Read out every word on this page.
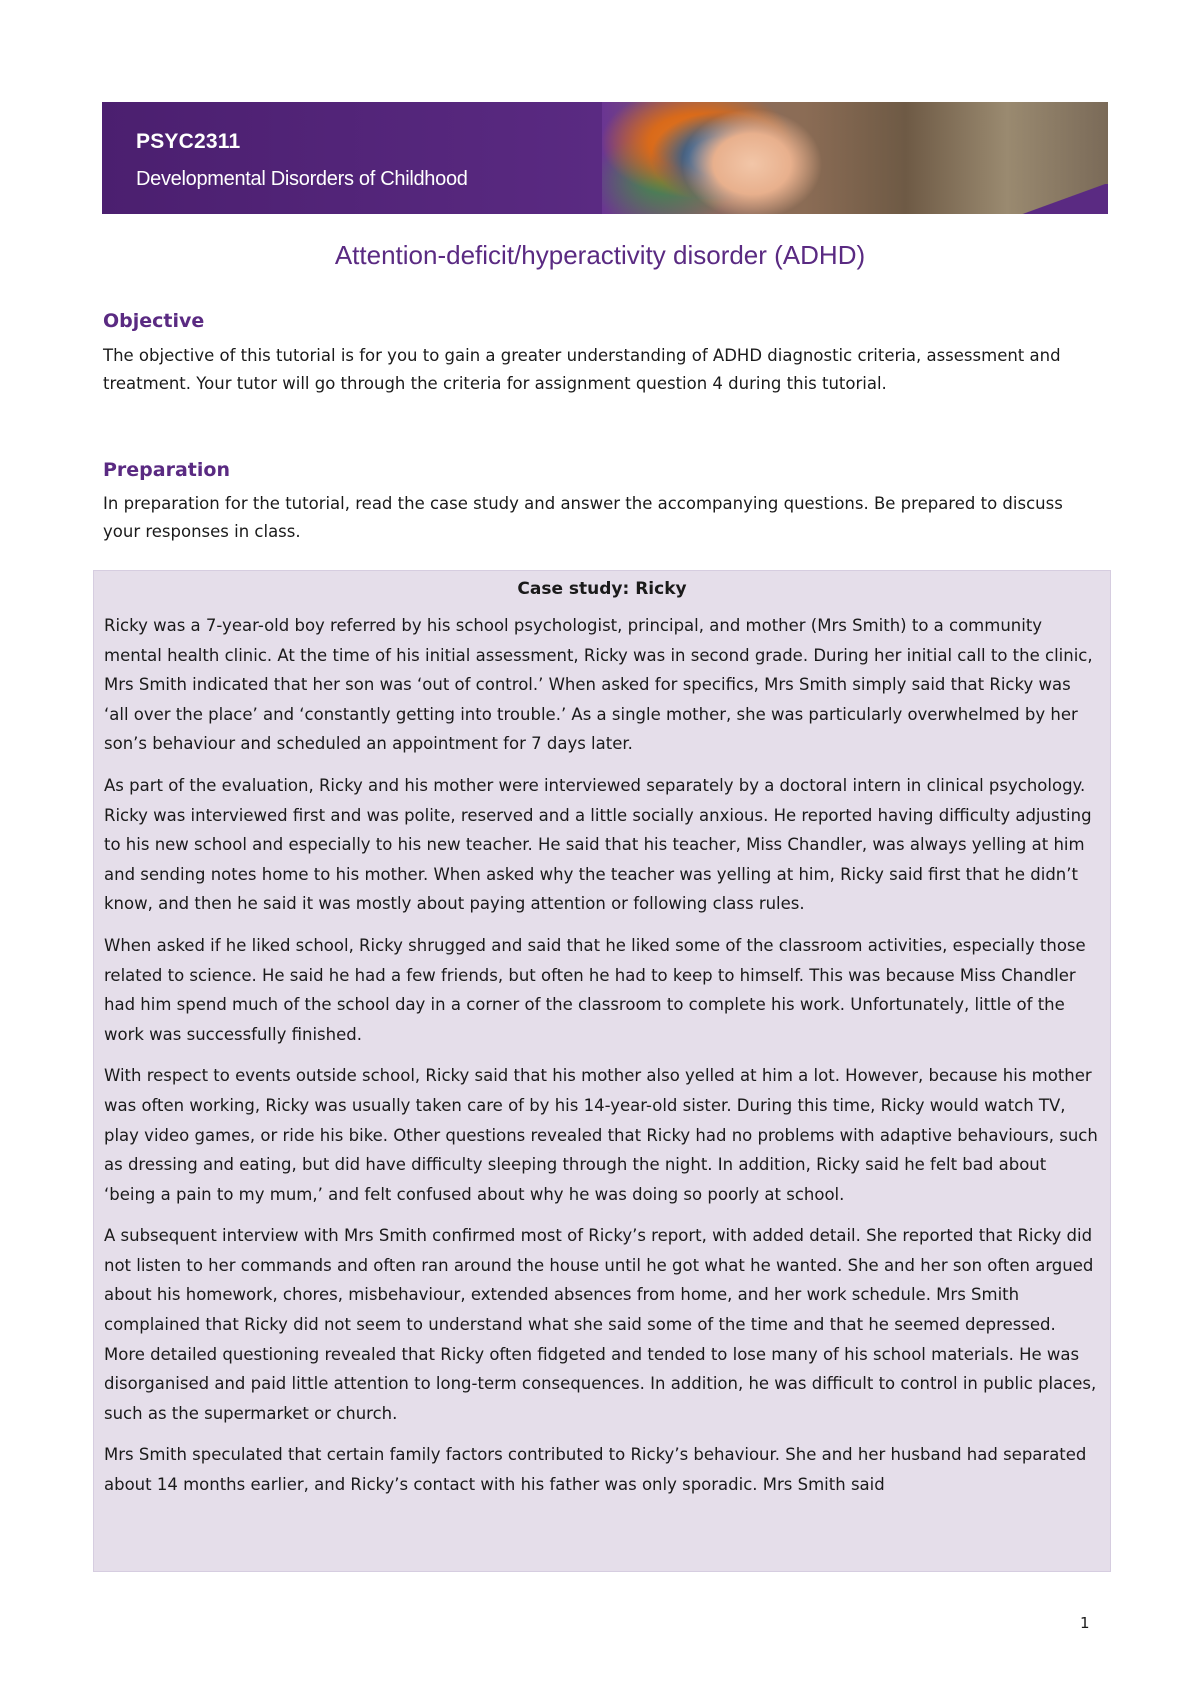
PSYC2311
Developmental Disorders of Childhood
Attention-deficit/hyperactivity disorder (ADHD)
Objective

The objective of this tutorial is for you to gain a greater understanding of ADHD diagnostic criteria, assessment and treatment. Your tutor will go through the criteria for assignment question 4 during this tutorial.

Preparation

In preparation for the tutorial, read the case study and answer the accompanying questions. Be prepared to discuss your responses in class.

Case study: Ricky

Ricky was a 7-year-old boy referred by his school psychologist, principal, and mother (Mrs Smith) to a community mental health clinic. At the time of his initial assessment, Ricky was in second grade. During her initial call to the clinic, Mrs Smith indicated that her son was ‘out of control.’ When asked for specifics, Mrs Smith simply said that Ricky was ‘all over the place’ and ‘constantly getting into trouble.’ As a single mother, she was particularly overwhelmed by her son’s behaviour and scheduled an appointment for 7 days later.

As part of the evaluation, Ricky and his mother were interviewed separately by a doctoral intern in clinical psychology. Ricky was interviewed first and was polite, reserved and a little socially anxious. He reported having difficulty adjusting to his new school and especially to his new teacher. He said that his teacher, Miss Chandler, was always yelling at him and sending notes home to his mother. When asked why the teacher was yelling at him, Ricky said first that he didn’t know, and then he said it was mostly about paying attention or following class rules.

When asked if he liked school, Ricky shrugged and said that he liked some of the classroom activities, especially those related to science. He said he had a few friends, but often he had to keep to himself. This was because Miss Chandler had him spend much of the school day in a corner of the classroom to complete his work. Unfortunately, little of the work was successfully finished.

With respect to events outside school, Ricky said that his mother also yelled at him a lot. However, because his mother was often working, Ricky was usually taken care of by his 14-year-old sister. During this time, Ricky would watch TV, play video games, or ride his bike. Other questions revealed that Ricky had no problems with adaptive behaviours, such as dressing and eating, but did have difficulty sleeping through the night. In addition, Ricky said he felt bad about ‘being a pain to my mum,’ and felt confused about why he was doing so poorly at school.

A subsequent interview with Mrs Smith confirmed most of Ricky’s report, with added detail. She reported that Ricky did not listen to her commands and often ran around the house until he got what he wanted. She and her son often argued about his homework, chores, misbehaviour, extended absences from home, and her work schedule. Mrs Smith complained that Ricky did not seem to understand what she said some of the time and that he seemed depressed. More detailed questioning revealed that Ricky often fidgeted and tended to lose many of his school materials. He was disorganised and paid little attention to long-term consequences. In addition, he was difficult to control in public places, such as the supermarket or church.

Mrs Smith speculated that certain family factors contributed to Ricky’s behaviour. She and her husband had separated about 14 months earlier, and Ricky’s contact with his father was only sporadic. Mrs Smith said

1
